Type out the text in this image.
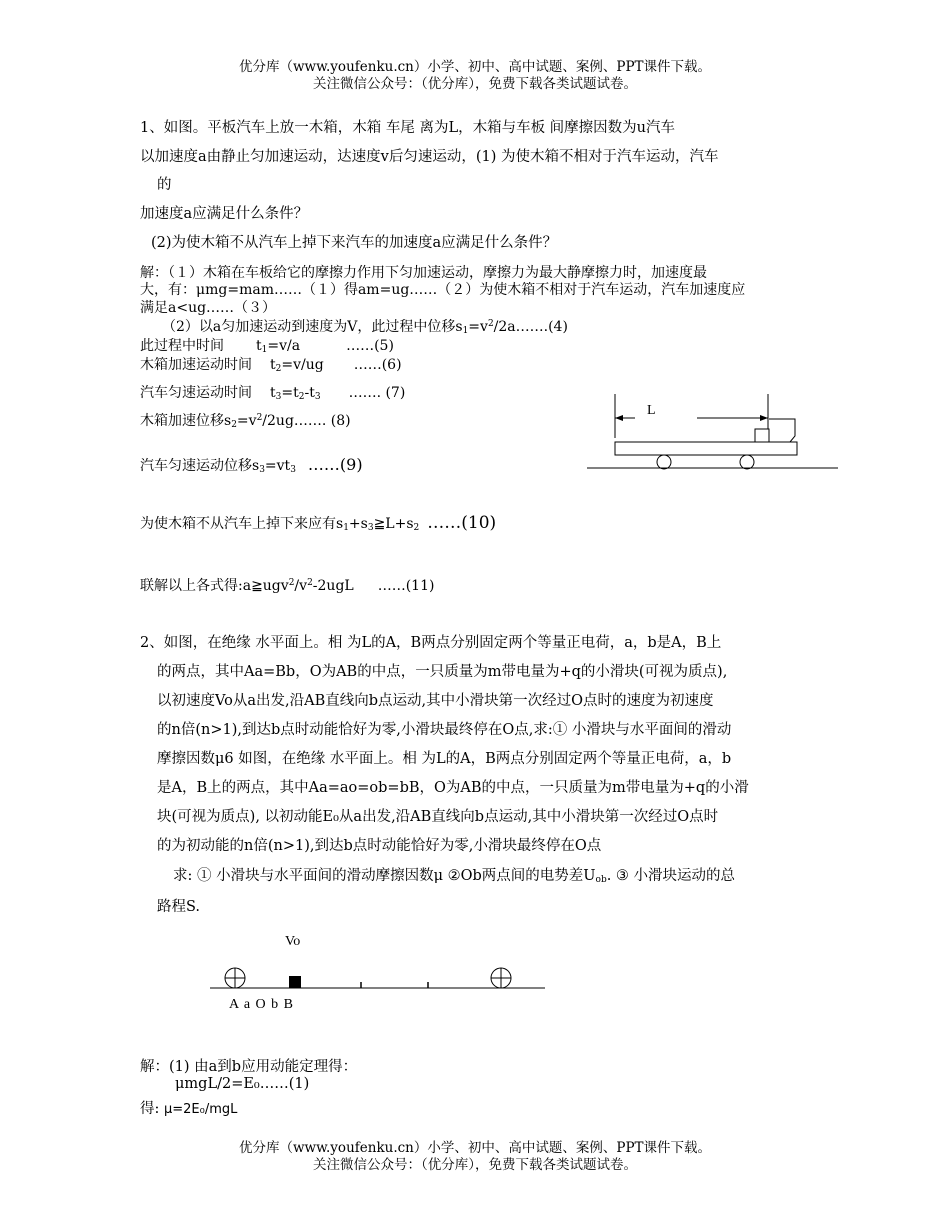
优分库（www.youfenku.cn）小学、初中、高中试题、案例、PPT课件下载。
关注微信公众号：（优分库），免费下载各类试题试卷。
1、如图。平板汽车上放一木箱，木箱 车尾 离为L，木箱与车板 间摩擦因数为u汽车
以加速度a由静止匀加速运动，达速度v后匀速运动，(1) 为使木箱不相对于汽车运动，汽车
的
加速度a应满足什么条件？
(2)为使木箱不从汽车上掉下来汽车的加速度a应满足什么条件？
解：（１）木箱在车板给它的摩擦力作用下匀加速运动，摩擦力为最大静摩擦力时，加速度最
大，有：μmg=mam……（１）得am=ug……（２）为使木箱不相对于汽车运动，汽车加速度应
满足a<ug……（３）
（2）以a匀加速运动到速度为V，此过程中位移$s_1=v^2/2a\dots\dots.(4)$
此过程中时间 $t_1=v/a$	……(5)
木箱加速运动时间 $t_2=v/ug$ ……(6)
汽车匀速运动时间 $t_3=t_2-t_3$ ……. (7)
木箱加速位移$s_2=v^2/2ug\dots\dots$. (8)
汽车匀速运动位移$s_3=vt_3$ ……(9)
为使木箱不从汽车上掉下来应有$s_1+s_3≧L+s_2$ ……(10)
联解以上各式得$:a≧ugv^2/v^2-2ugL$ ……(11)
L
2、如图，在绝缘 水平面上。相 为L的A，B两点分别固定两个等量正电荷，a，b是A，B上
的两点，其中Aa=Bb，O为AB的中点，一只质量为m带电量为+q的小滑块(可视为质点),
以初速度Vo从a出发,沿AB直线向b点运动,其中小滑块第一次经过O点时的速度为初速度
的n倍(n>1),到达b点时动能恰好为零,小滑块最终停在O点,求:① 小滑块与水平面间的滑动
摩擦因数μ6 如图，在绝缘 水平面上。相 为L的A，B两点分别固定两个等量正电荷，a，b
是A，B上的两点，其中Aa=ao=ob=bB，O为AB的中点，一只质量为m带电量为+q的小滑
块(可视为质点), 以初动能E₀从a出发,沿AB直线向b点运动,其中小滑块第一次经过O点时
的为初动能的n倍(n>1),到达b点时动能恰好为零,小滑块最终停在O点
求: ① 小滑块与水平面间的滑动摩擦因数μ ②Ob两点间的电势差$U_{ob}$. ③ 小滑块运动的总
路程S.
Vo
A a O b B
解：(1) 由a到b应用动能定理得：
μmgL/2=E₀……(1)
得: μ=2E₀/mgL
优分库（www.youfenku.cn）小学、初中、高中试题、案例、PPT课件下载。
关注微信公众号：（优分库），免费下载各类试题试卷。
